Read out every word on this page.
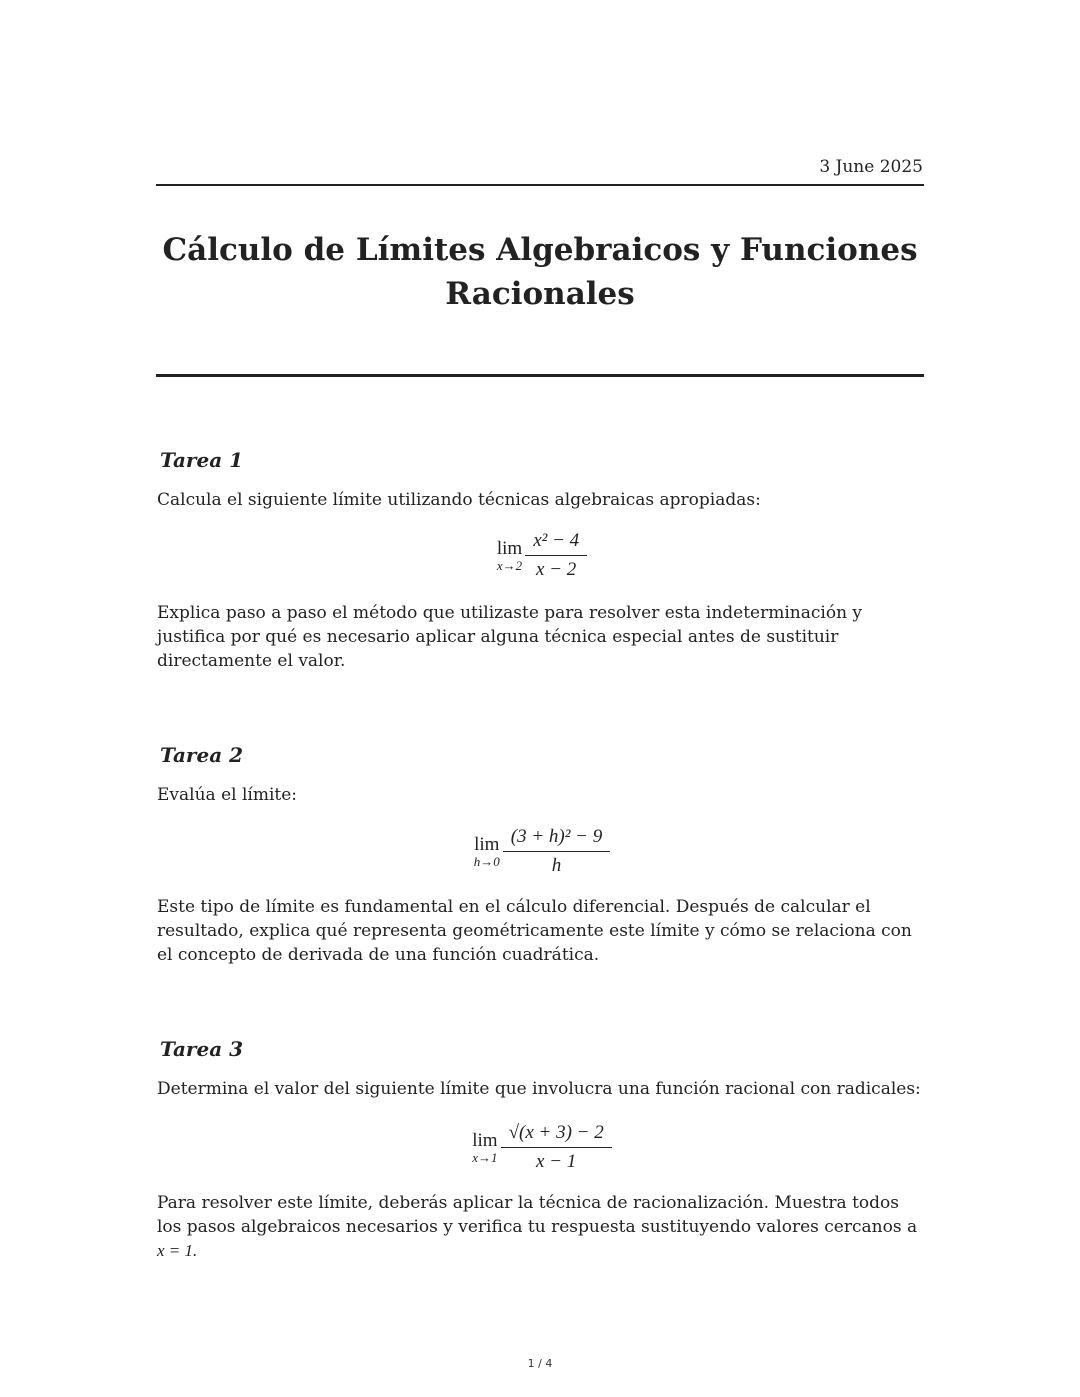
3 June 2025
Cálculo de Límites Algebraicos y Funciones Racionales
Tarea 1
Calcula el siguiente límite utilizando técnicas algebraicas apropiadas:
lim
$x\to 2 \frac{\text{x² − 4}}{x - 2}$
Explica paso a paso el método que utilizaste para resolver esta indeterminación y justifica por qué es necesario aplicar alguna técnica especial antes de sustituir directamente el valor.
Tarea 2
Evalúa el límite:
lim
$h\to 0 \frac{\text{(3 + h)² − 9}}{h}$
Este tipo de límite es fundamental en el cálculo diferencial. Después de calcular el resultado, explica qué representa geométricamente este límite y cómo se relaciona con el concepto de derivada de una función cuadrática.
Tarea 3
Determina el valor del siguiente límite que involucra una función racional con radicales:
lim
$x\to 1 \frac{√(x + 3) - 2}{x - 1}$
Para resolver este límite, deberás aplicar la técnica de racionalización. Muestra todos los pasos algebraicos necesarios y verifica tu respuesta sustituyendo valores cercanos a x = 1.
1 / 4
